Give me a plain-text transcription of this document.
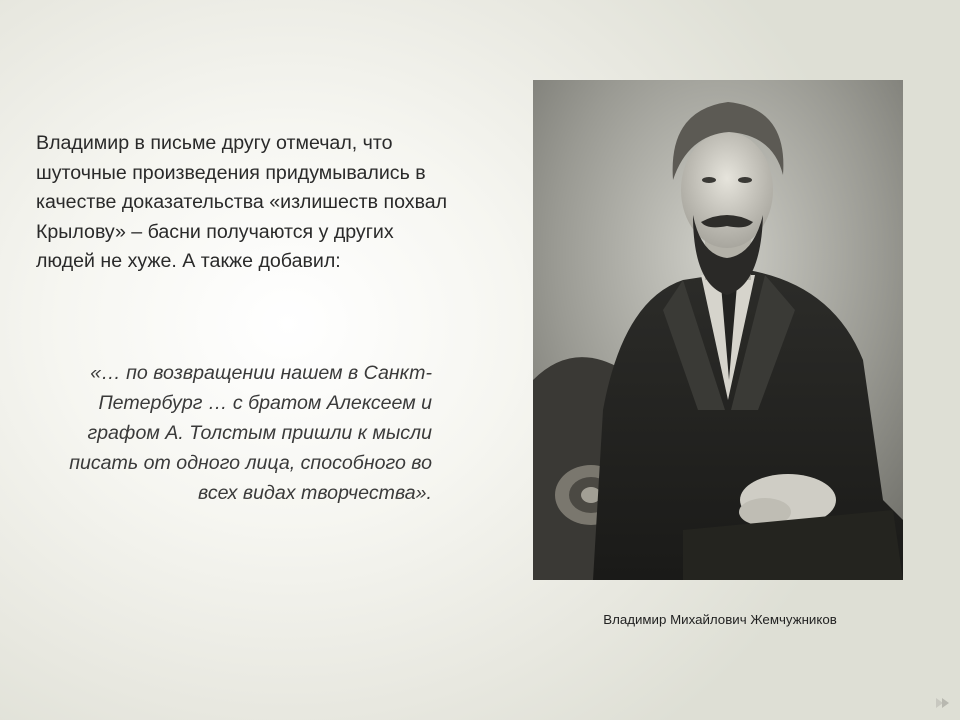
Владимир в письме другу отмечал, что шуточные произведения придумывались в качестве доказательства «излишеств похвал Крылову» – басни получаются у других людей не хуже. А также добавил:

«… по возвращении нашем в Санкт-Петербург … с братом Алексеем и графом А. Толстым пришли к мысли писать от одного лица, способного во всех видах творчества».

Владимир Михайлович Жемчужников
